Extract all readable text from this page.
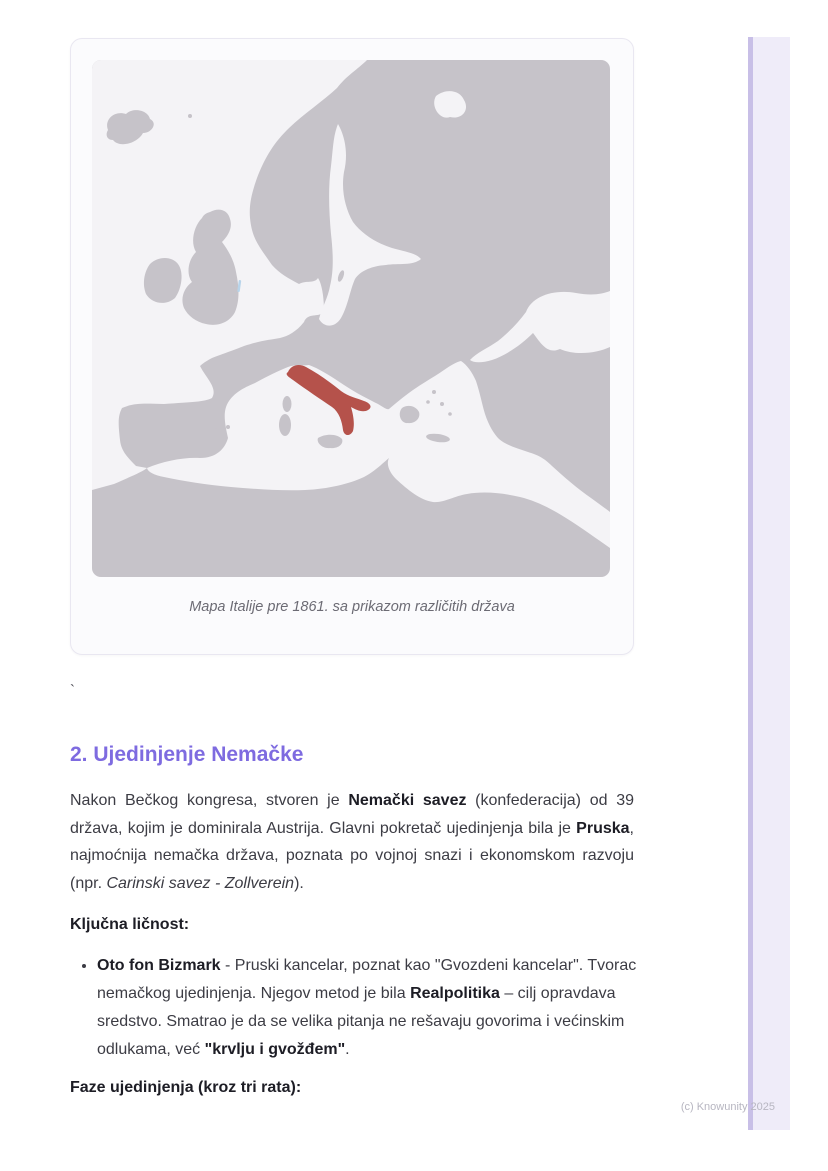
Mapa Italije pre 1861. sa prikazom različitih država
`
2. Ujedinjenje Nemačke

Nakon Bečkog kongresa, stvoren je Nemački savez (konfederacija) od 39 država, kojim je dominirala Austrija. Glavni pokretač ujedinjenja bila je Pruska, najmoćnija nemačka država, poznata po vojnoj snazi i ekonomskom razvoju (npr. Carinski savez - Zollverein).

Ključna ličnost:

• Oto fon Bizmark - Pruski kancelar, poznat kao "Gvozdeni kancelar". Tvorac nemačkog ujedinjenja. Njegov metod je bila Realpolitika – cilj opravdava sredstvo. Smatrao je da se velika pitanja ne rešavaju govorima i većinskim odlukama, već "krvlju i gvožđem".

Faze ujedinjenja (kroz tri rata):

(c) Knowunity 2025
